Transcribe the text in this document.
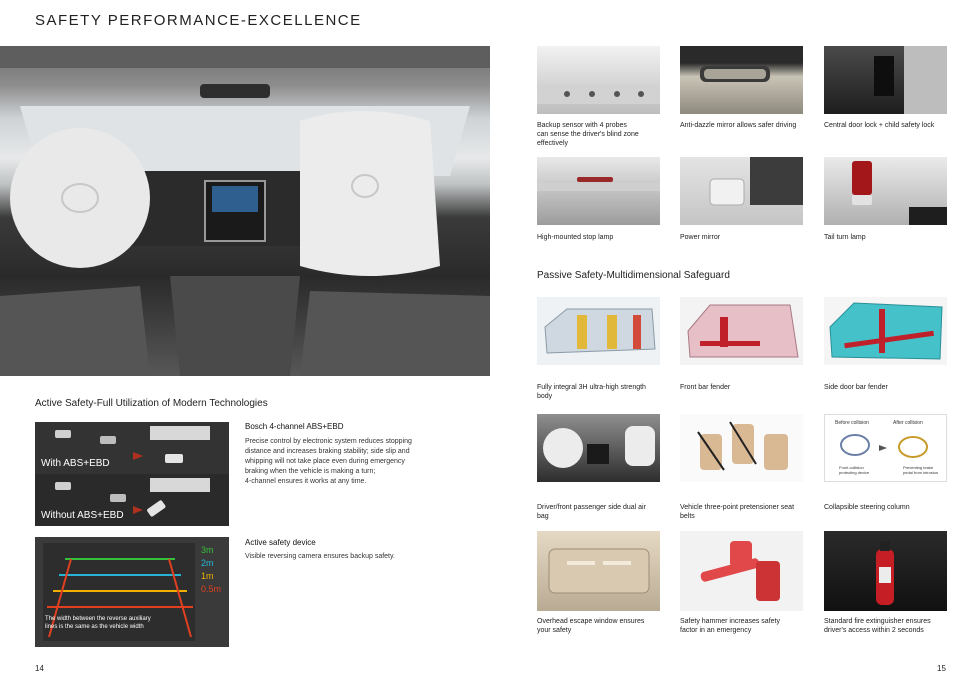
SAFETY PERFORMANCE-EXCELLENCE
Active Safety-Full Utilization of Modern Technologies
With ABS+EBD
Without ABS+EBD
Bosch 4-channel ABS+EBD
Precise control by electronic system reduces stopping
distance and increases braking stability; side slip and
whipping will not take place even during emergency
braking when the vehicle is making a turn;
4-channel ensures it works at any time.
3m
2m
1m
0.5m
The width between the reverse auxiliary
lines is the same as the vehicle width
Active safety device
Visible reversing camera ensures backup safety.
14
Backup sensor with 4 probes
can sense the driver's blind zone
effectively
Anti-dazzle mirror allows safer driving	Central door lock + child safety lock
High-mounted stop lamp	Power mirror	Tail turn lamp
Passive Safety-Multidimensional Safeguard
Fully integral 3H ultra-high strength
body
Front bar fender	Side door bar fender
Before collision	After collision
Front collision
protecting device
Preventing brake
pedal from intrusion
Driver/front passenger side dual air
bag
Vehicle three-point pretensioner seat
belts
Collapsible steering column
Overhead escape window ensures
your safety
Safety hammer increases safety
factor in an emergency
Standard fire extinguisher ensures
driver's access within 2 seconds
15
